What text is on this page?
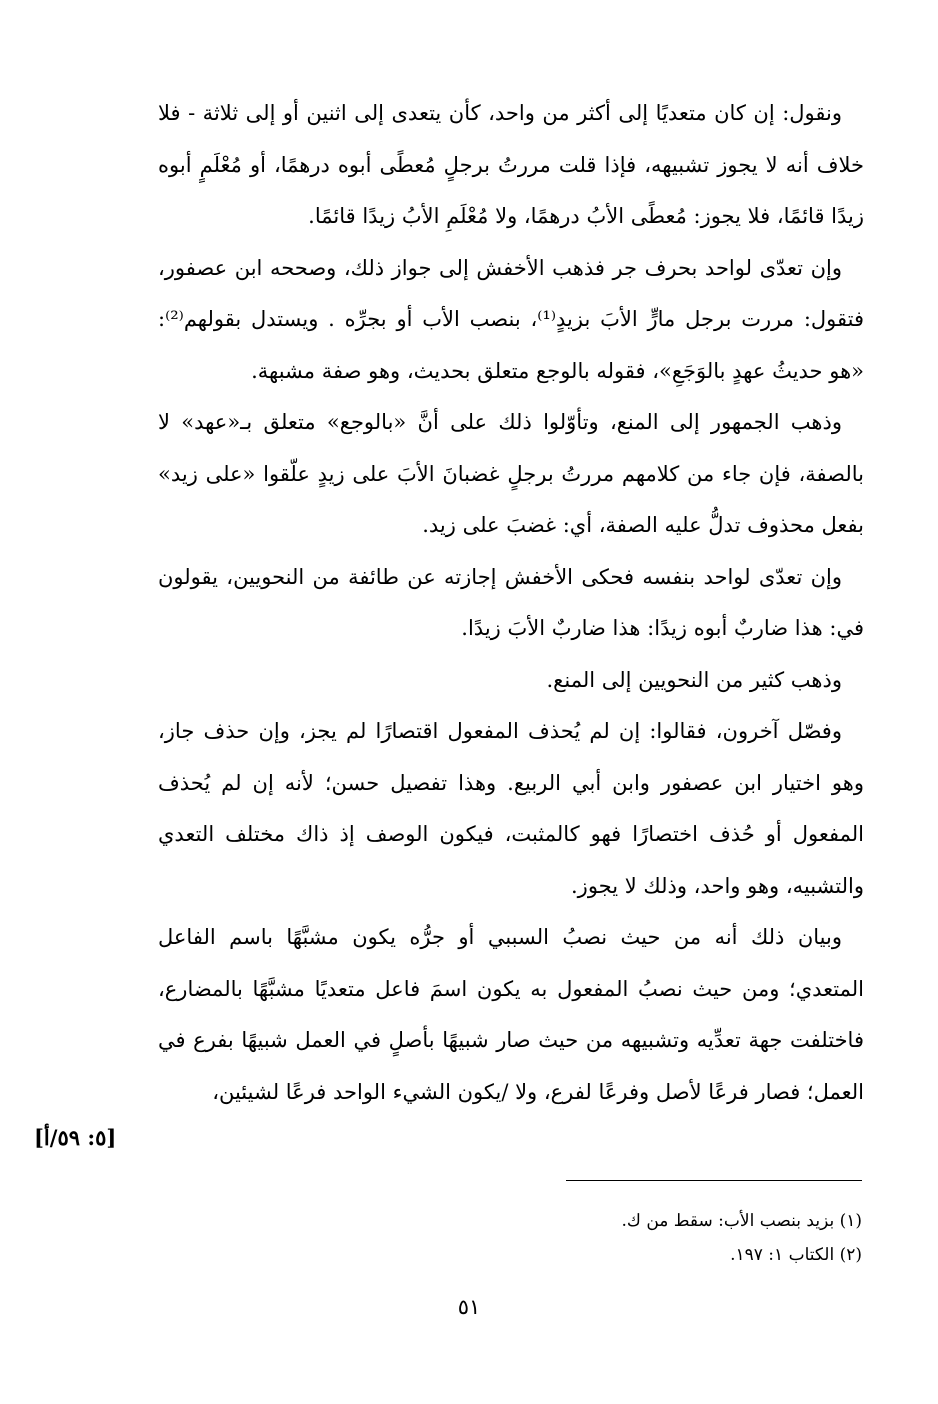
ونقول: إن كان متعديًا إلى أكثر من واحد، كأن يتعدى إلى اثنين أو إلى ثلاثة - فلا خلاف أنه لا يجوز تشبيهه، فإذا قلت مررتُ برجلٍ مُعطًى أبوه درهمًا، أو مُعْلَمٍ أبوه زيدًا قائمًا، فلا يجوز: مُعطًى الأبُ درهمًا، ولا مُعْلَمِ الأبُ زيدًا قائمًا.

وإن تعدّى لواحد بحرف جر فذهب الأخفش إلى جواز ذلك، وصححه ابن عصفور، فتقول: مررت برجل مارٍّ الأبَ بزيدٍ⁽¹⁾، بنصب الأب أو بجرِّه . ويستدل بقولهم⁽²⁾: «هو حديثُ عهدٍ بالوَجَعِ»، فقوله بالوجع متعلق بحديث، وهو صفة مشبهة.

وذهب الجمهور إلى المنع، وتأوّلوا ذلك على أنَّ «بالوجع» متعلق بـ«عهد» لا بالصفة، فإن جاء من كلامهم مررتُ برجلٍ غضبانَ الأبَ على زيدٍ علّقوا «على زيد» بفعل محذوف تدلُّ عليه الصفة، أي: غضبَ على زيد.

وإن تعدّى لواحد بنفسه فحكى الأخفش إجازته عن طائفة من النحويين، يقولون في: هذا ضاربٌ أبوه زيدًا: هذا ضاربٌ الأبَ زيدًا.

وذهب كثير من النحويين إلى المنع.

وفصّل آخرون، فقالوا: إن لم يُحذف المفعول اقتصارًا لم يجز، وإن حذف جاز، وهو اختيار ابن عصفور وابن أبي الربيع. وهذا تفصيل حسن؛ لأنه إن لم يُحذف المفعول أو حُذف اختصارًا فهو كالمثبت، فيكون الوصف إذ ذاك مختلف التعدي والتشبيه، وهو واحد، وذلك لا يجوز.

وبيان ذلك أنه من حيث نصبُ السببي أو جرُّه يكون مشبَّهًا باسم الفاعل المتعدي؛ ومن حيث نصبُ المفعول به يكون اسمَ فاعل متعديًا مشبَّهًا بالمضارع، فاختلفت جهة تعدِّيه وتشبيهه من حيث صار شبيهًا بأصلٍ في العمل شبيهًا بفرع في العمل؛ فصار فرعًا لأصل وفرعًا لفرع، ولا /يكون الشيء الواحد فرعًا لشيئين،

[٥: ٥٩/أ]

(١) بزيد بنصب الأب: سقط من ك.

(٢) الكتاب ١: ١٩٧.

٥١
